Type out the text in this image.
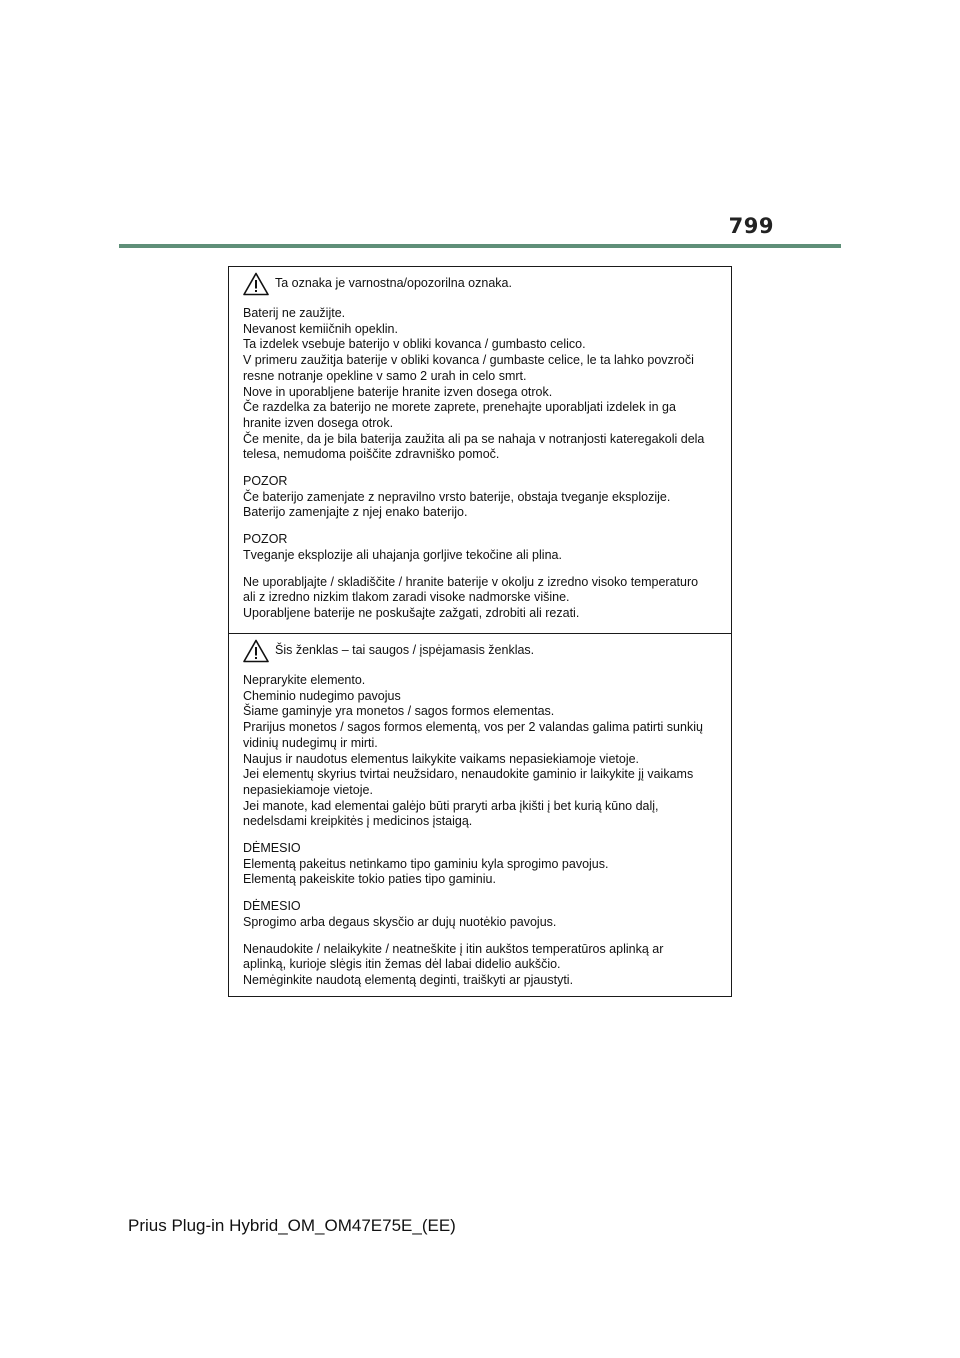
799
Ta oznaka je varnostna/opozorilna oznaka.
Baterij ne zaužijte.
Nevanost kemiičnih opeklin.
Ta izdelek vsebuje baterijo v obliki kovanca / gumbasto celico.
V primeru zaužitja baterije v obliki kovanca / gumbaste celice, le ta lahko povzroči
resne notranje opekline v samo 2 urah in celo smrt.
Nove in uporabljene baterije hranite izven dosega otrok.
Če razdelka za baterijo ne morete zaprete, prenehajte uporabljati izdelek in ga
hranite izven dosega otrok.
Če menite, da je bila baterija zaužita ali pa se nahaja v notranjosti kateregakoli dela
telesa, nemudoma poiščite zdravniško pomoč.
POZOR
Če baterijo zamenjate z nepravilno vrsto baterije, obstaja tveganje eksplozije.
Baterijo zamenjajte z njej enako baterijo.
POZOR
Tveganje eksplozije ali uhajanja gorljive tekočine ali plina.
Ne uporabljajte / skladiščite / hranite baterije v okolju z izredno visoko temperaturo
ali z izredno nizkim tlakom zaradi visoke nadmorske višine.
Uporabljene baterije ne poskušajte zažgati, zdrobiti ali rezati.
Šis ženklas – tai saugos / įspėjamasis ženklas.
Neprarykite elemento.
Cheminio nudegimo pavojus
Šiame gaminyje yra monetos / sagos formos elementas.
Prarijus monetos / sagos formos elementą, vos per 2 valandas galima patirti sunkių
vidinių nudegimų ir mirti.
Naujus ir naudotus elementus laikykite vaikams nepasiekiamoje vietoje.
Jei elementų skyrius tvirtai neužsidaro, nenaudokite gaminio ir laikykite jį vaikams
nepasiekiamoje vietoje.
Jei manote, kad elementai galėjo būti praryti arba įkišti į bet kurią kūno dalį,
nedelsdami kreipkitės į medicinos įstaigą.
DĖMESIO
Elementą pakeitus netinkamo tipo gaminiu kyla sprogimo pavojus.
Elementą pakeiskite tokio paties tipo gaminiu.
DĖMESIO
Sprogimo arba degaus skysčio ar dujų nuotėkio pavojus.
Nenaudokite / nelaikykite / neatneškite į itin aukštos temperatūros aplinką ar
aplinką, kurioje slėgis itin žemas dėl labai didelio aukščio.
Nemėginkite naudotą elementą deginti, traiškyti ar pjaustyti.
Prius Plug-in Hybrid_OM_OM47E75E_(EE)
